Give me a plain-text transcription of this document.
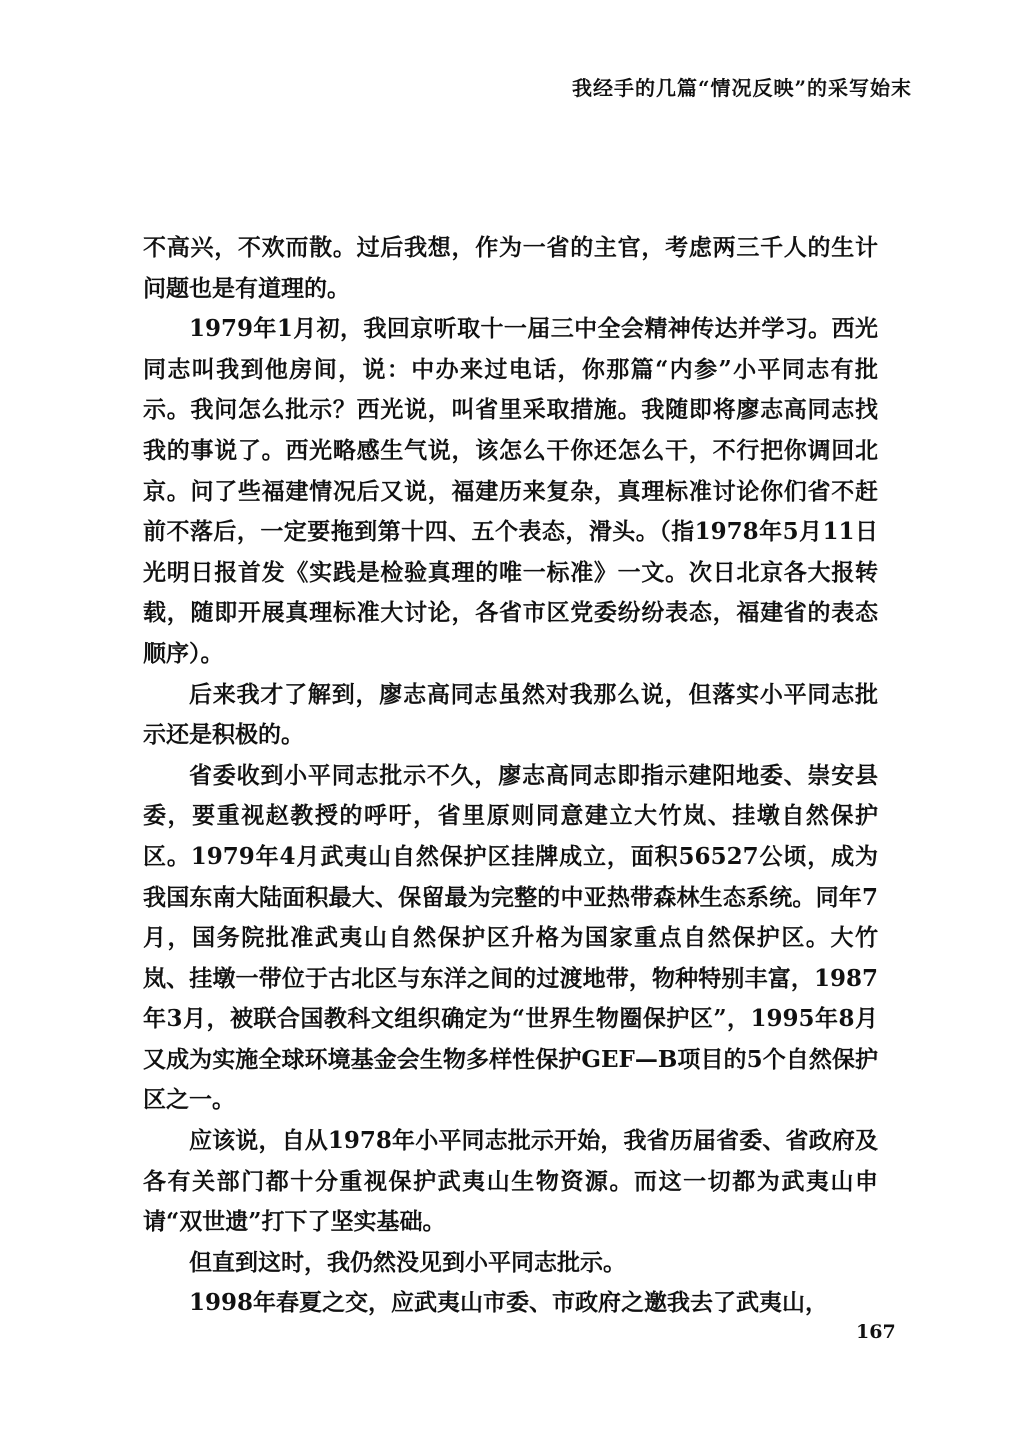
我经手的几篇“情况反映”的采写始末

不高兴，不欢而散。过后我想，作为一省的主官，考虑两三千人的生计问题也是有道理的。

1979年1月初，我回京听取十一届三中全会精神传达并学习。西光同志叫我到他房间，说：中办来过电话，你那篇“内参”小平同志有批示。我问怎么批示？西光说，叫省里采取措施。我随即将廖志高同志找我的事说了。西光略感生气说，该怎么干你还怎么干，不行把你调回北京。问了些福建情况后又说，福建历来复杂，真理标准讨论你们省不赶前不落后，一定要拖到第十四、五个表态，滑头。（指1978年5月11日光明日报首发《实践是检验真理的唯一标准》一文。次日北京各大报转载，随即开展真理标准大讨论，各省市区党委纷纷表态，福建省的表态顺序）。

后来我才了解到，廖志高同志虽然对我那么说，但落实小平同志批示还是积极的。

省委收到小平同志批示不久，廖志高同志即指示建阳地委、崇安县委，要重视赵教授的呼吁，省里原则同意建立大竹岚、挂墩自然保护区。1979年4月武夷山自然保护区挂牌成立，面积56527公顷，成为我国东南大陆面积最大、保留最为完整的中亚热带森林生态系统。同年7月，国务院批准武夷山自然保护区升格为国家重点自然保护区。大竹岚、挂墩一带位于古北区与东洋之间的过渡地带，物种特别丰富，1987年3月，被联合国教科文组织确定为“世界生物圈保护区”，1995年8月又成为实施全球环境基金会生物多样性保护GEF—B项目的5个自然保护区之一。

应该说，自从1978年小平同志批示开始，我省历届省委、省政府及各有关部门都十分重视保护武夷山生物资源。而这一切都为武夷山申请“双世遗”打下了坚实基础。

但直到这时，我仍然没见到小平同志批示。

1998年春夏之交，应武夷山市委、市政府之邀我去了武夷山，

167
